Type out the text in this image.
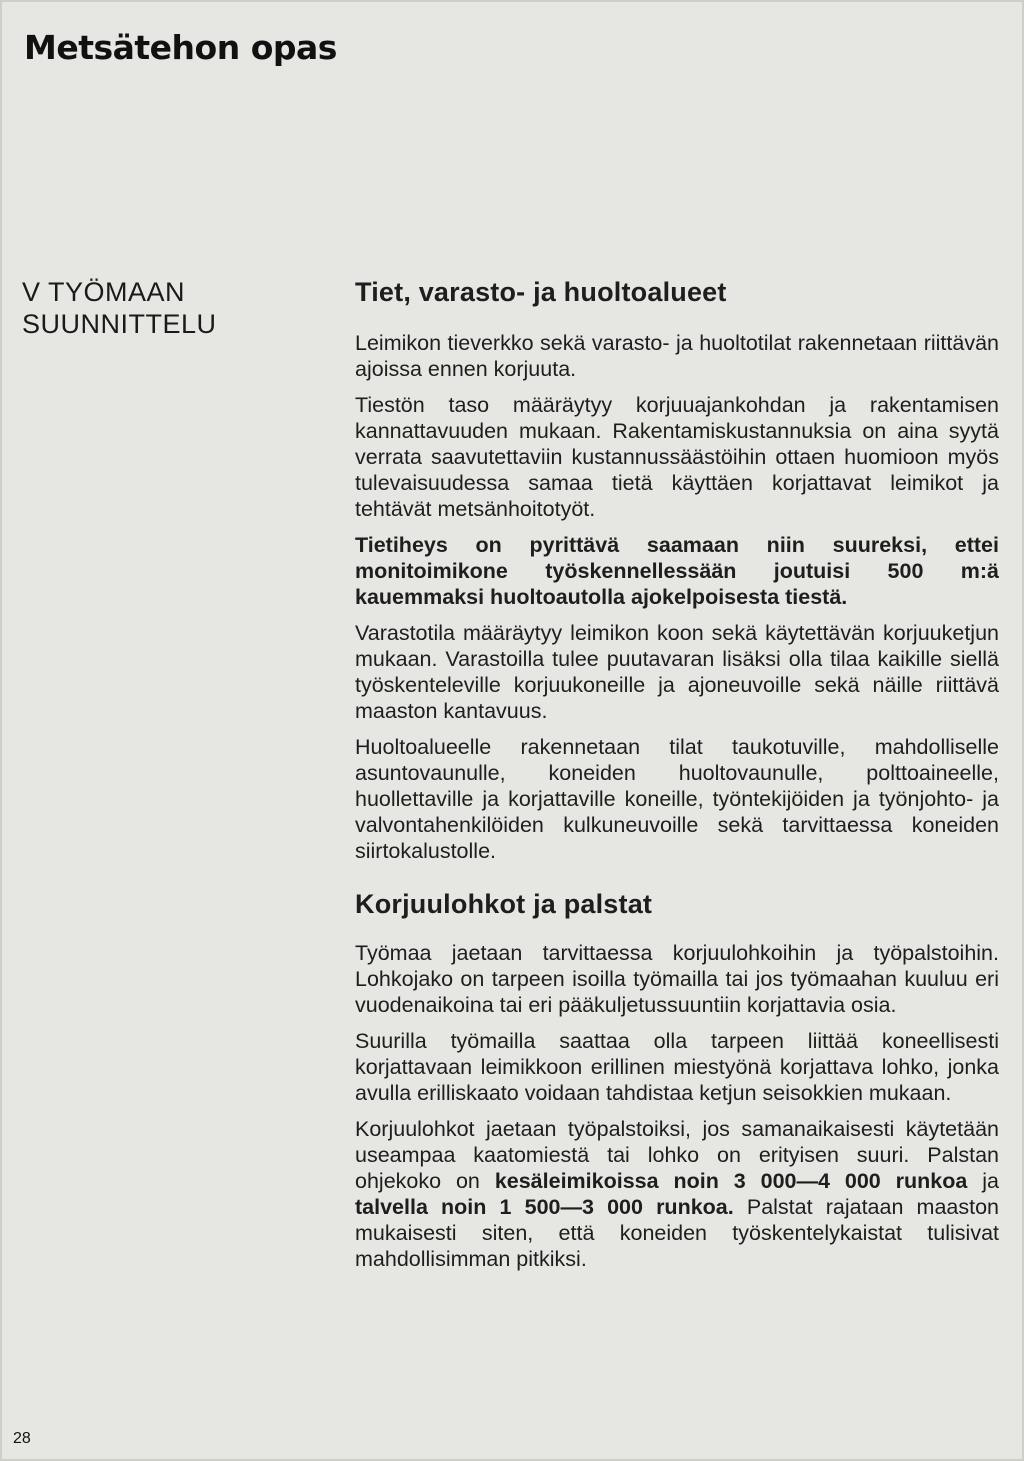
Metsätehon opas
V TYÖMAAN
SUUNNITTELU
Tiet, varasto- ja huoltoalueet

Leimikon tieverkko sekä varasto- ja huoltotilat rakennetaan riittävän ajoissa ennen korjuuta.

Tiestön taso määräytyy korjuuajankohdan ja rakentamisen kannattavuuden mukaan. Rakentamiskustannuksia on aina syytä verrata saavutettaviin kustannussäästöihin ottaen huomioon myös tulevaisuudessa samaa tietä käyttäen korjattavat leimikot ja tehtävät metsänhoitotyöt.

Tietiheys on pyrittävä saamaan niin suureksi, ettei monitoimikone työskennellessään joutuisi 500 m:ä kauemmaksi huoltoautolla ajokelpoisesta tiestä.

Varastotila määräytyy leimikon koon sekä käytettävän korjuuketjun mukaan. Varastoilla tulee puutavaran lisäksi olla tilaa kaikille siellä työskenteleville korjuukoneille ja ajoneuvoille sekä näille riittävä maaston kantavuus.

Huoltoalueelle rakennetaan tilat taukotuville, mahdolliselle asuntovaunulle, koneiden huoltovaunulle, polttoaineelle, huollettaville ja korjattaville koneille, työntekijöiden ja työnjohto- ja valvontahenkilöiden kulkuneuvoille sekä tarvittaessa koneiden siirtokalustolle.

Korjuulohkot ja palstat

Työmaa jaetaan tarvittaessa korjuulohkoihin ja työpalstoihin. Lohkojako on tarpeen isoilla työmailla tai jos työmaahan kuuluu eri vuodenaikoina tai eri pääkuljetussuuntiin korjattavia osia.

Suurilla työmailla saattaa olla tarpeen liittää koneellisesti korjattavaan leimikkoon erillinen miestyönä korjattava lohko, jonka avulla erilliskaato voidaan tahdistaa ketjun seisokkien mukaan.

Korjuulohkot jaetaan työpalstoiksi, jos samanaikaisesti käytetään useampaa kaatomiestä tai lohko on erityisen suuri. Palstan ohjekoko on kesäleimikoissa noin 3 000—4 000 runkoa ja talvella noin 1 500—3 000 runkoa. Palstat rajataan maaston mukaisesti siten, että koneiden työskentelykaistat tulisivat mahdollisimman pitkiksi.

28
